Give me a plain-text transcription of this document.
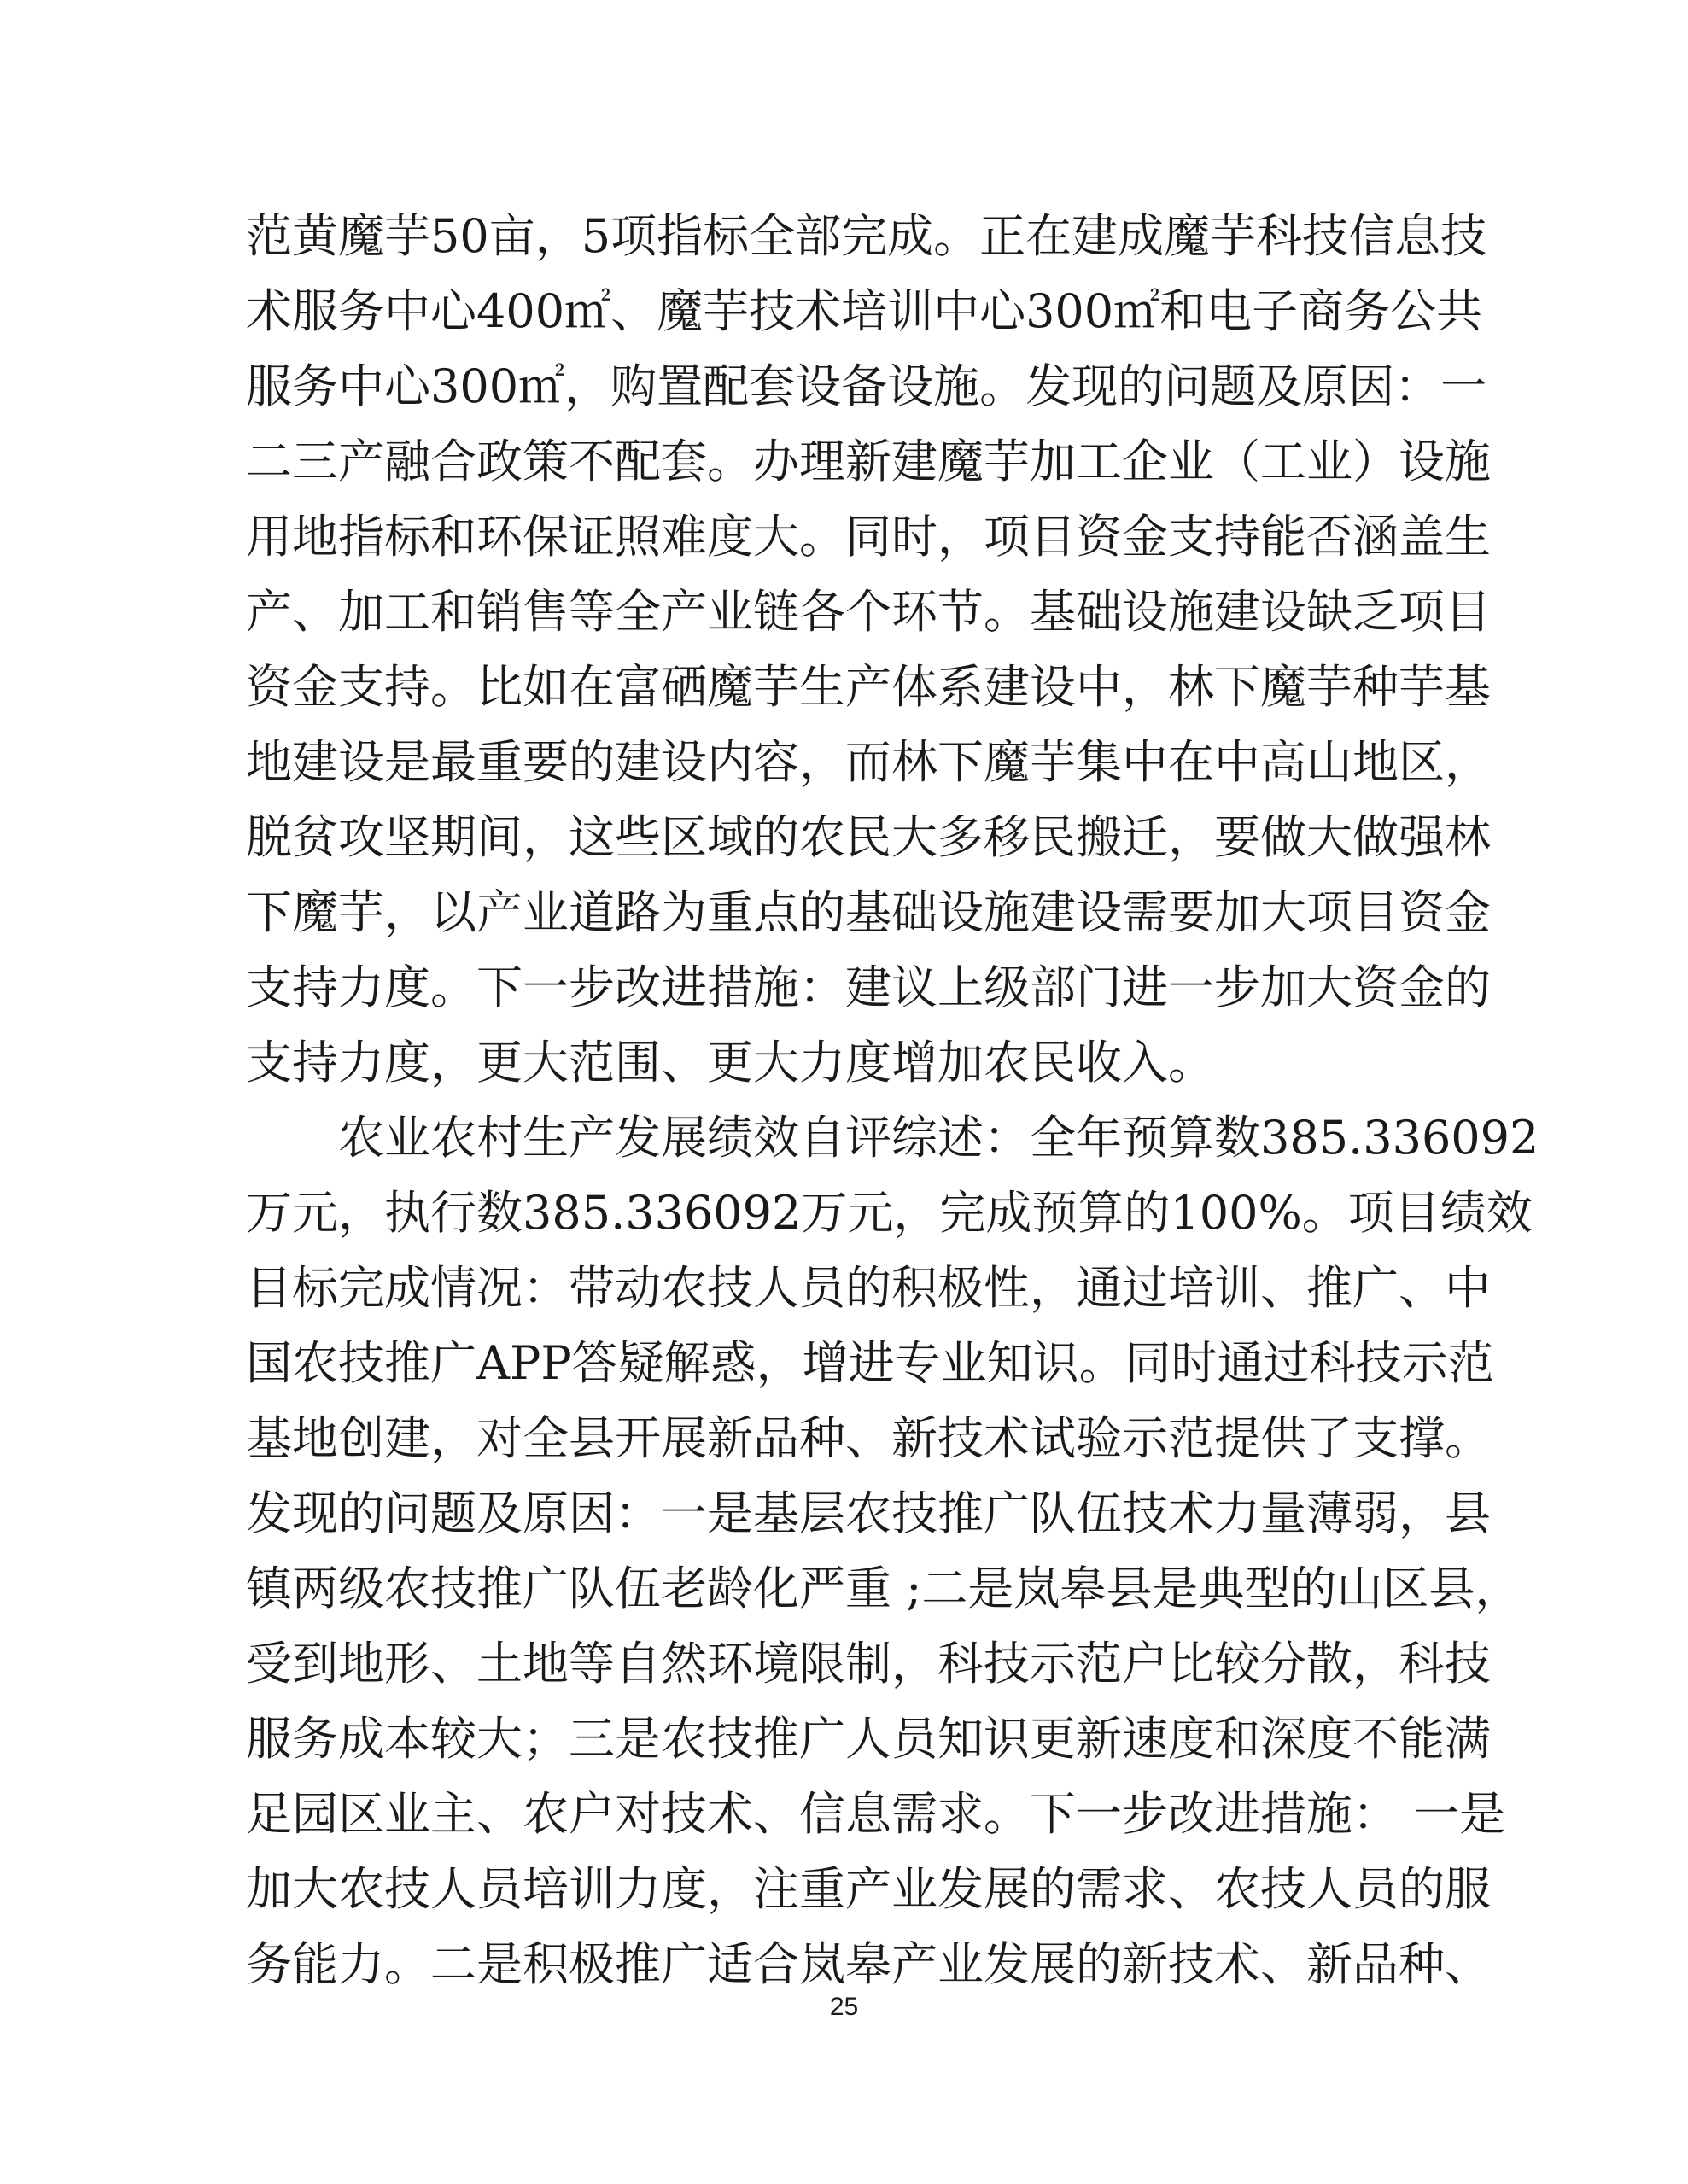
范黄魔芋50亩，5项指标全部完成。正在建成魔芋科技信息技
术服务中心400㎡、魔芋技术培训中心300㎡和电子商务公共
服务中心300㎡，购置配套设备设施。发现的问题及原因：一
二三产融合政策不配套。办理新建魔芋加工企业（工业）设施
用地指标和环保证照难度大。同时，项目资金支持能否涵盖生
产、加工和销售等全产业链各个环节。基础设施建设缺乏项目
资金支持。比如在富硒魔芋生产体系建设中，林下魔芋种芋基
地建设是最重要的建设内容，而林下魔芋集中在中高山地区，
脱贫攻坚期间，这些区域的农民大多移民搬迁，要做大做强林
下魔芋，以产业道路为重点的基础设施建设需要加大项目资金
支持力度。下一步改进措施：建议上级部门进一步加大资金的
支持力度，更大范围、更大力度增加农民收入。
农业农村生产发展绩效自评综述：全年预算数385.336092
万元，执行数385.336092万元，完成预算的100%。项目绩效
目标完成情况：带动农技人员的积极性，通过培训、推广、中
国农技推广APP答疑解惑，增进专业知识。同时通过科技示范
基地创建，对全县开展新品种、新技术试验示范提供了支撑。
发现的问题及原因：一是基层农技推广队伍技术力量薄弱，县
镇两级农技推广队伍老龄化严重 ;二是岚皋县是典型的山区县，
受到地形、土地等自然环境限制，科技示范户比较分散，科技
服务成本较大；三是农技推广人员知识更新速度和深度不能满
足园区业主、农户对技术、信息需求。下一步改进措施： 一是
加大农技人员培训力度，注重产业发展的需求、农技人员的服
务能力。二是积极推广适合岚皋产业发展的新技术、新品种、
25
